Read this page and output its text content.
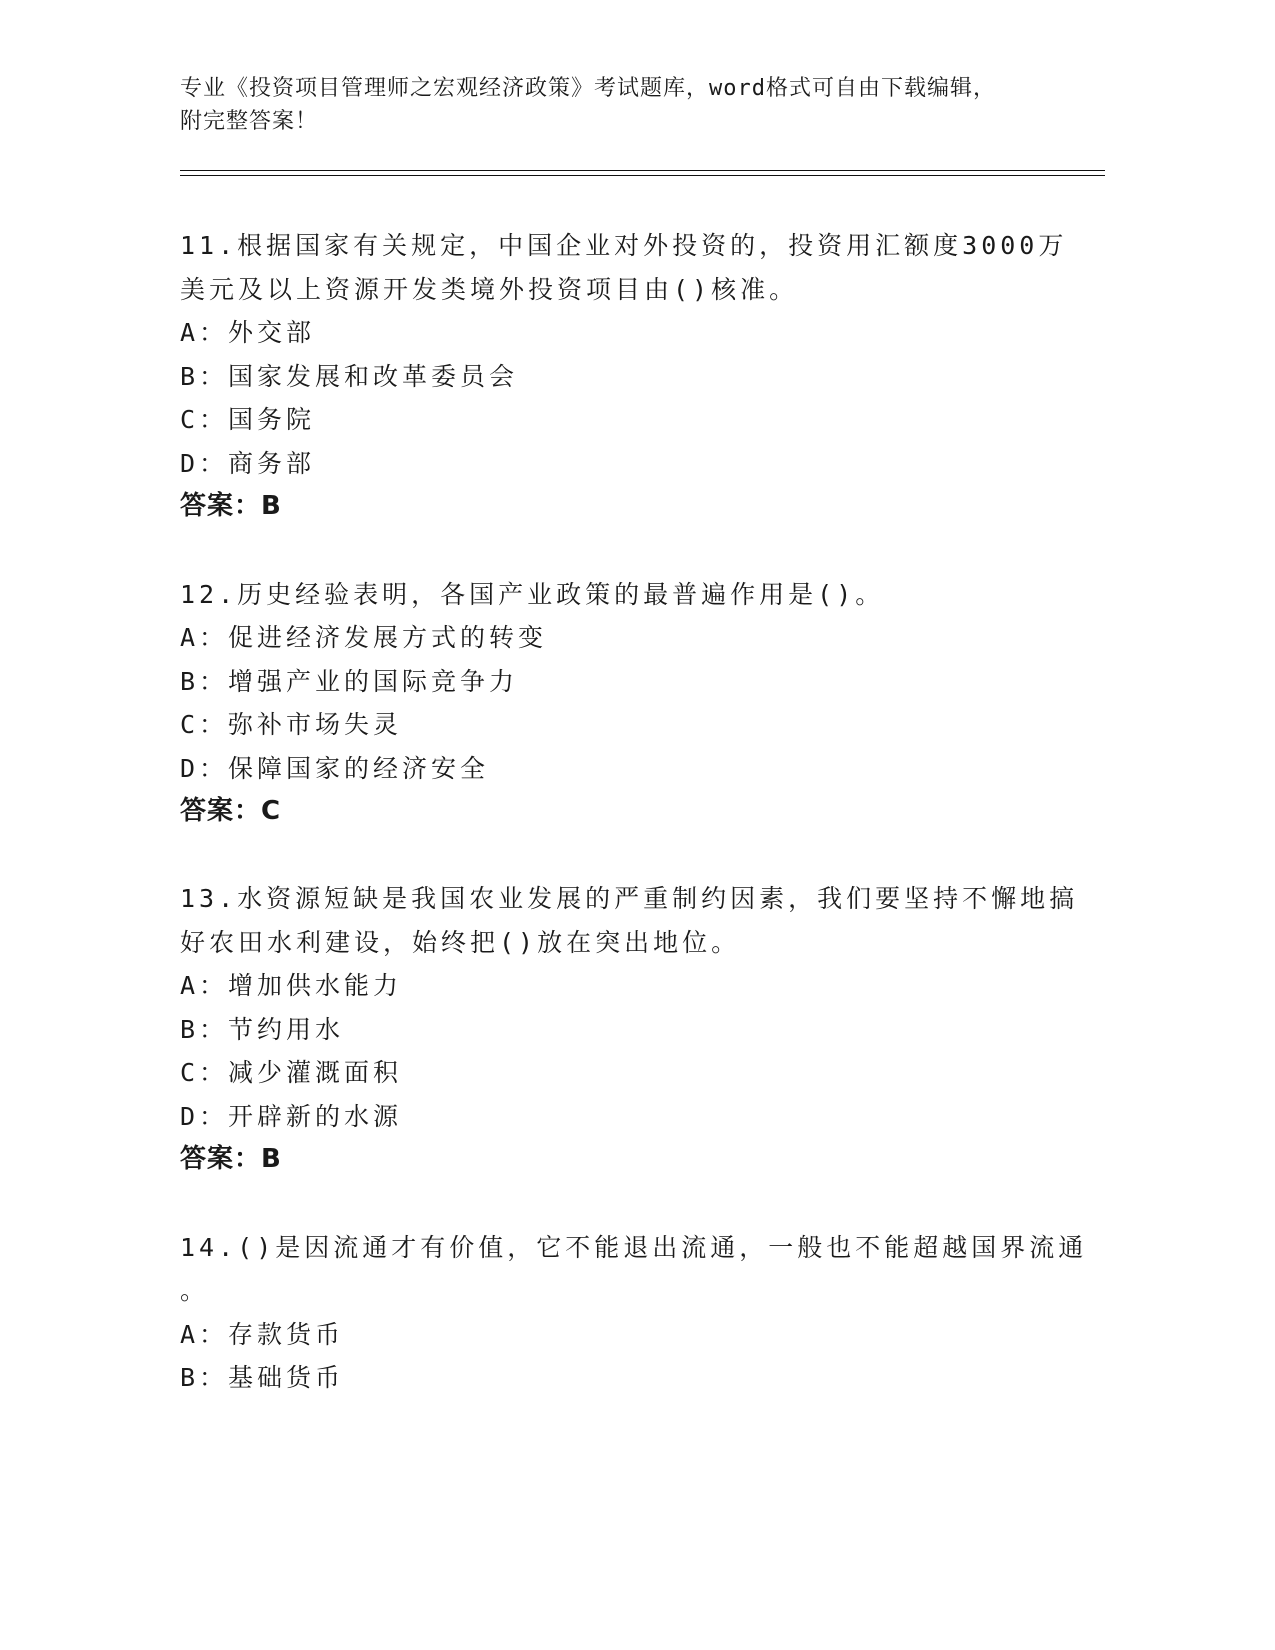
专业《投资项目管理师之宏观经济政策》考试题库，word格式可自由下载编辑，
附完整答案！
11.根据国家有关规定，中国企业对外投资的，投资用汇额度3000万
美元及以上资源开发类境外投资项目由()核准。
A：外交部
B：国家发展和改革委员会
C：国务院
D：商务部
答案：B
12.历史经验表明，各国产业政策的最普遍作用是()。
A：促进经济发展方式的转变
B：增强产业的国际竞争力
C：弥补市场失灵
D：保障国家的经济安全
答案：C
13.水资源短缺是我国农业发展的严重制约因素，我们要坚持不懈地搞
好农田水利建设，始终把()放在突出地位。
A：增加供水能力
B：节约用水
C：减少灌溉面积
D：开辟新的水源
答案：B
14.()是因流通才有价值，它不能退出流通，一般也不能超越国界流通
。
A：存款货币
B：基础货币
